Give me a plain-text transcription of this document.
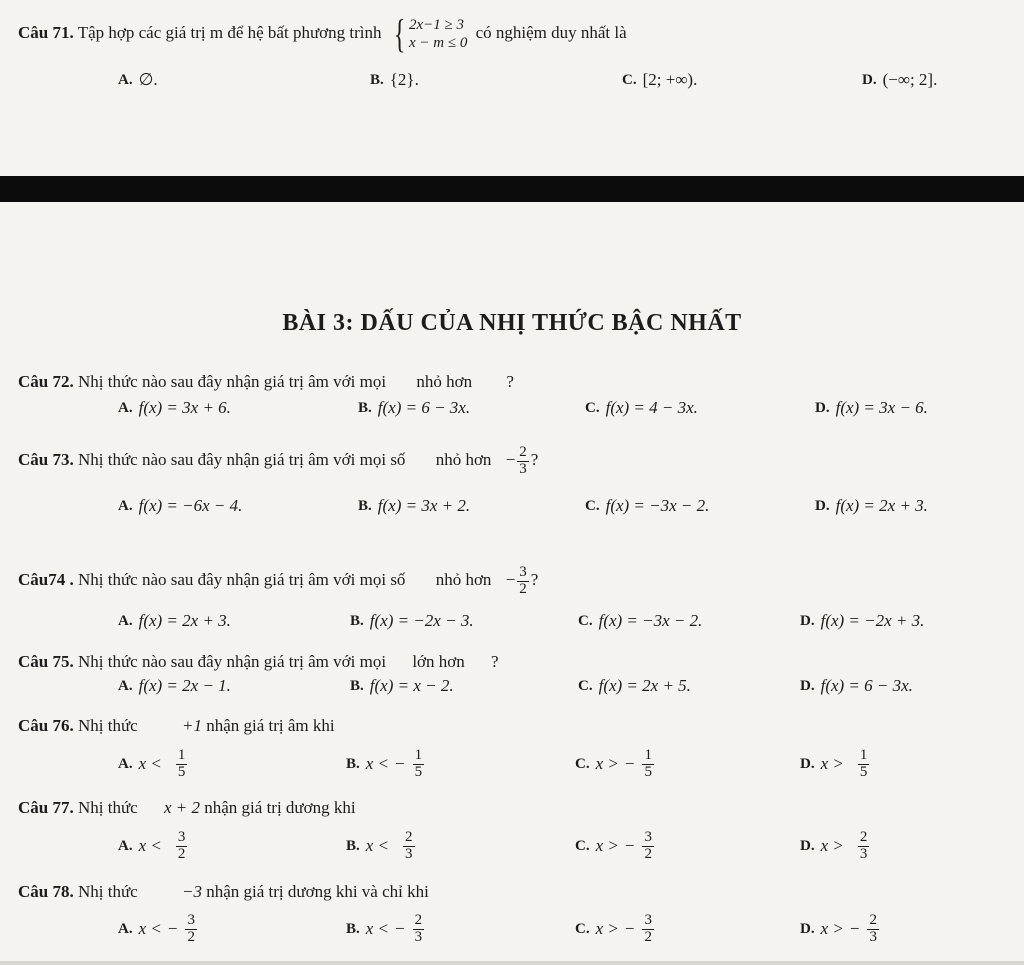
Câu 71. Tập hợp các giá trị m để hệ bất phương trình { 2x−1 ≥ 3
x − m ≤ 0
có nghiệm duy nhất là
A. ∅.	B. {2}.	C. [2; +∞).	D. (−∞; 2].
BÀI 3: DẤU CỦA NHỊ THỨC BẬC NHẤT
Câu 72. Nhị thức nào sau đây nhận giá trị âm với mọi nhỏ hơn ?
A. f(x) = 3x + 6.	B. f(x) = 6 − 3x.	C. f(x) = 4 − 3x.	D. f(x) = 3x − 6.
Câu 73. Nhị thức nào sau đây nhận giá trị âm với mọi số nhỏ hơn − $\frac{2}{3}$ ?
A. f(x) = −6x − 4.	B. f(x) = 3x + 2.	C. f(x) = −3x − 2.	D. f(x) = 2x + 3.
Câu74 . Nhị thức nào sau đây nhận giá trị âm với mọi số nhỏ hơn − $\frac{3}{2}$ ?
A. f(x) = 2x + 3.	B. f(x) = −2x − 3.	C. f(x) = −3x − 2.	D. f(x) = −2x + 3.
Câu 75. Nhị thức nào sau đây nhận giá trị âm với mọi lớn hơn ?
A. f(x) = 2x − 1.	B. f(x) = x − 2.	C. f(x) = 2x + 5.	D. f(x) = 6 − 3x.
Câu 76. Nhị thức	+1 nhận giá trị âm khi
A. $x < \frac{1}{5}$	B. x < − $\frac{1}{5}$	C. x > − $\frac{1}{5}$	D. $x > \frac{1}{5}$
Câu 77. Nhị thức x + 2 nhận giá trị dương khi
A. $x < \frac{3}{2}$	B. $x < \frac{2}{3}$	C. x > − $\frac{3}{2}$	D. $x > \frac{2}{3}$
Câu 78. Nhị thức	−3 nhận giá trị dương khi và chỉ khi
A. x < − $\frac{3}{2}$	B. x < − $\frac{2}{3}$	C. x > − $\frac{3}{2}$	D. x > − $\frac{2}{3}$
